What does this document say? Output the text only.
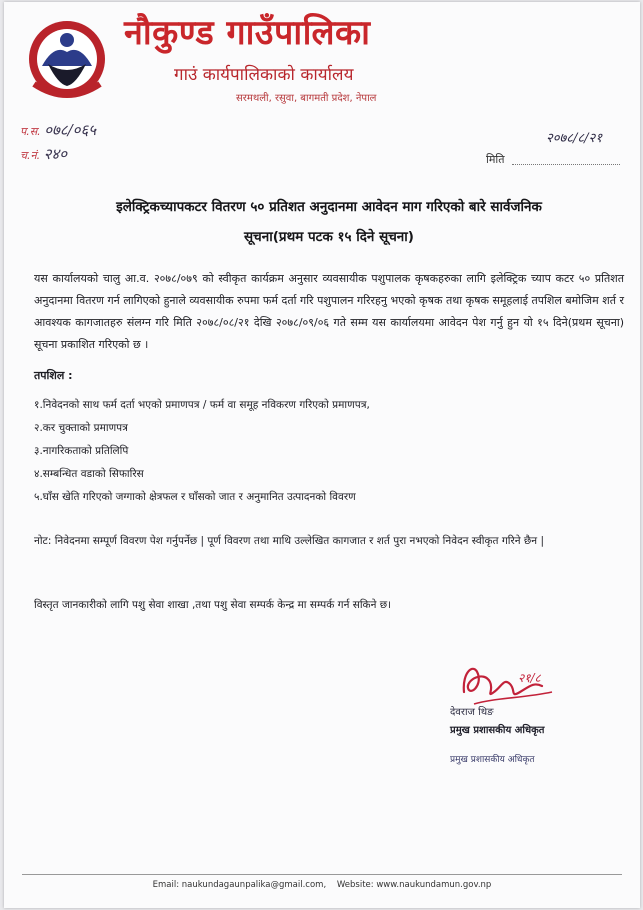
नौकुण्ड गाउँपालिका
गाउं कार्यपालिकाको कार्यालय
सरमथली, रसुवा, बागमती प्रदेश, नेपाल
प.स. ०७८/०६५
च.नं. २४०
२०७८/८/२१
मिति
इलेक्ट्रिकच्यापकटर वितरण ५० प्रतिशत अनुदानमा आवेदन माग गरिएको बारे सार्वजनिक
सूचना(प्रथम पटक १५ दिने सूचना)

यस कार्यालयको चालु आ.व. २०७८/०७९ को स्वीकृत कार्यक्रम अनुसार व्यवसायीक पशुपालक कृषकहरुका लागि इलेक्ट्रिक च्याप कटर ५० प्रतिशत अनुदानमा वितरण गर्न लागिएको हुनाले व्यवसायीक रुपमा फर्म दर्ता गरि पशुपालन गरिरहनु भएको कृषक तथा कृषक समूहलाई तपशिल बमोजिम शर्त र आवश्यक कागजातहरु संलग्न गरि मिति २०७८/०८/२१ देखि २०७८/०९/०६ गते सम्म यस कार्यालयमा आवेदन पेश गर्नु हुन यो १५ दिने(प्रथम सूचना) सूचना प्रकाशित गरिएको छ ।

तपशिल :
१.निवेदनको साथ फर्म दर्ता भएको प्रमाणपत्र / फर्म वा समूह नविकरण गरिएको प्रमाणपत्र,
२.कर चुक्ताको प्रमाणपत्र
३.नागरिकताको प्रतिलिपि
४.सम्बन्धित वडाको सिफारिस
५.घाँस खेति गरिएको जग्गाको क्षेत्रफल र घाँसको जात र अनुमानित उत्पादनको विवरण

नोट: निवेदनमा सम्पूर्ण विवरण पेश गर्नुपर्नेछ | पूर्ण विवरण तथा माथि उल्लेखित कागजात र शर्त पुरा नभएको निवेदन स्वीकृत गरिने छैन |

विस्तृत जानकारीको लागि पशु सेवा शाखा ,तथा पशु सेवा सम्पर्क केन्द्र मा सम्पर्क गर्न सकिने छ।

२१/८
देवराज थिङ
प्रमुख प्रशासकीय अधिकृत
प्रमुख प्रशासकीय अधिकृत
Email: naukundagaunpalika@gmail.com, Website: www.naukundamun.gov.np
